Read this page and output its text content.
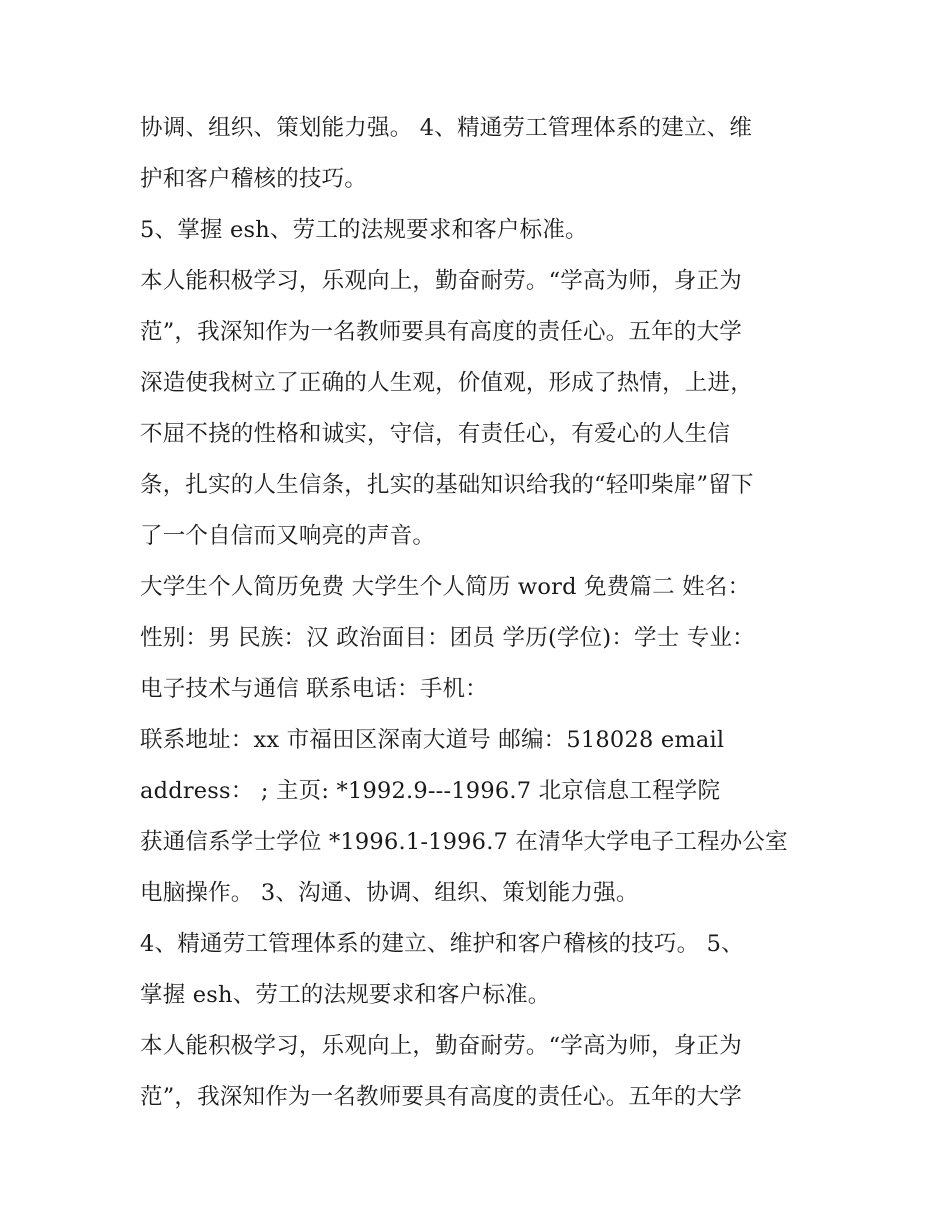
协调、组织、策划能力强。 4、精通劳工管理体系的建立、维
护和客户稽核的技巧。
5、掌握 esh、劳工的法规要求和客户标准。
本人能积极学习，乐观向上，勤奋耐劳。“学高为师，身正为
范”，我深知作为一名教师要具有高度的责任心。五年的大学
深造使我树立了正确的人生观，价值观，形成了热情，上进，
不屈不挠的性格和诚实，守信，有责任心，有爱心的人生信
条，扎实的人生信条，扎实的基础知识给我的“轻叩柴扉”留下
了一个自信而又响亮的声音。
大学生个人简历免费 大学生个人简历 word 免费篇二 姓名：
性别：男 民族：汉 政治面目：团员 学历(学位)：学士 专业：
电子技术与通信 联系电话：手机：
联系地址：xx 市福田区深南大道号 邮编：518028 email
address： ; 主页: *1992.9---1996.7 北京信息工程学院
获通信系学士学位 *1996.1-1996.7 在清华大学电子工程办公室
电脑操作。 3、沟通、协调、组织、策划能力强。
4、精通劳工管理体系的建立、维护和客户稽核的技巧。 5、
掌握 esh、劳工的法规要求和客户标准。
本人能积极学习，乐观向上，勤奋耐劳。“学高为师，身正为
范”，我深知作为一名教师要具有高度的责任心。五年的大学
